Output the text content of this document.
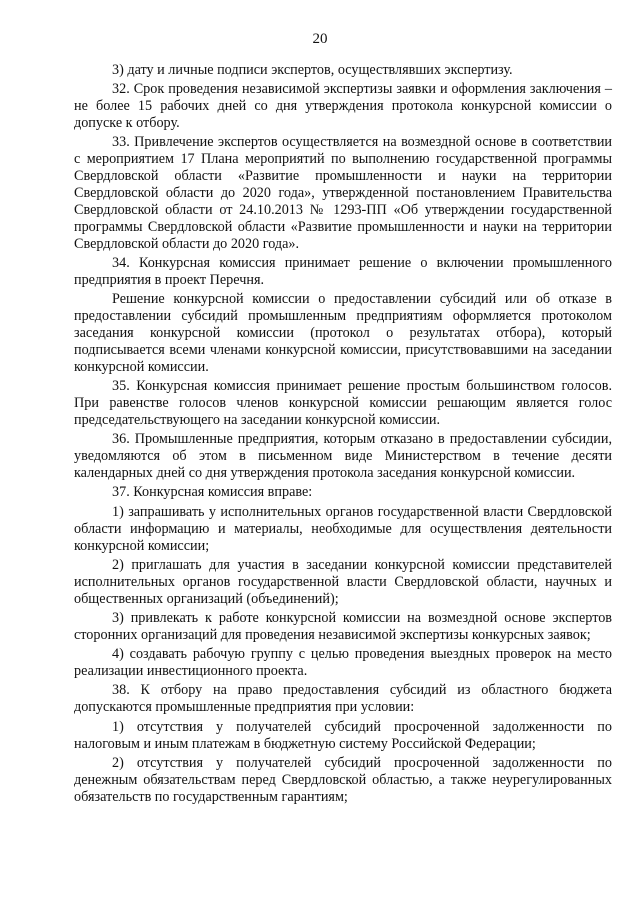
20

3) дату и личные подписи экспертов, осуществлявших экспертизу.

32. Срок проведения независимой экспертизы заявки и оформления заключения – не более 15 рабочих дней со дня утверждения протокола конкурсной комиссии о допуске к отбору.

33. Привлечение экспертов осуществляется на возмездной основе в соответствии с мероприятием 17 Плана мероприятий по выполнению государственной программы Свердловской области «Развитие промышленности и науки на территории Свердловской области до 2020 года», утвержденной постановлением Правительства Свердловской области от 24.10.2013 № 1293-ПП «Об утверждении государственной программы Свердловской области «Развитие промышленности и науки на территории Свердловской области до 2020 года».

34. Конкурсная комиссия принимает решение о включении промышленного предприятия в проект Перечня.

Решение конкурсной комиссии о предоставлении субсидий или об отказе в предоставлении субсидий промышленным предприятиям оформляется протоколом заседания конкурсной комиссии (протокол о результатах отбора), который подписывается всеми членами конкурсной комиссии, присутствовавшими на заседании конкурсной комиссии.

35. Конкурсная комиссия принимает решение простым большинством голосов. При равенстве голосов членов конкурсной комиссии решающим является голос председательствующего на заседании конкурсной комиссии.

36. Промышленные предприятия, которым отказано в предоставлении субсидии, уведомляются об этом в письменном виде Министерством в течение десяти календарных дней со дня утверждения протокола заседания конкурсной комиссии.

37. Конкурсная комиссия вправе:

1) запрашивать у исполнительных органов государственной власти Свердловской области информацию и материалы, необходимые для осуществления деятельности конкурсной комиссии;

2) приглашать для участия в заседании конкурсной комиссии представителей исполнительных органов государственной власти Свердловской области, научных и общественных организаций (объединений);

3) привлекать к работе конкурсной комиссии на возмездной основе экспертов сторонних организаций для проведения независимой экспертизы конкурсных заявок;

4) создавать рабочую группу с целью проведения выездных проверок на место реализации инвестиционного проекта.

38. К отбору на право предоставления субсидий из областного бюджета допускаются промышленные предприятия при условии:

1) отсутствия у получателей субсидий просроченной задолженности по налоговым и иным платежам в бюджетную систему Российской Федерации;

2) отсутствия у получателей субсидий просроченной задолженности по денежным обязательствам перед Свердловской областью, а также неурегулированных обязательств по государственным гарантиям;
